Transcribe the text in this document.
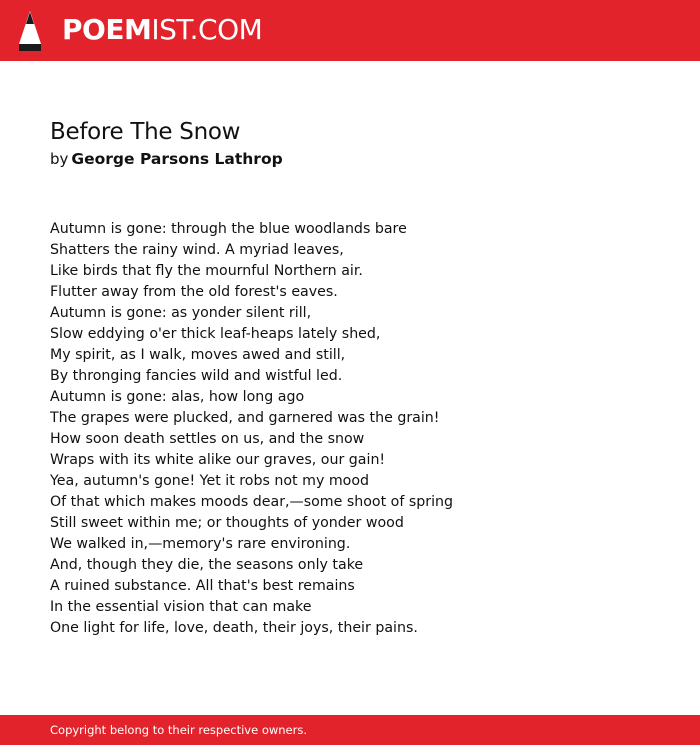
POEMIST.COM
Before The Snow
by George Parsons Lathrop
Autumn is gone: through the blue woodlands bare
Shatters the rainy wind. A myriad leaves,
Like birds that fly the mournful Northern air.
Flutter away from the old forest's eaves.
Autumn is gone: as yonder silent rill,
Slow eddying o'er thick leaf-heaps lately shed,
My spirit, as I walk, moves awed and still,
By thronging fancies wild and wistful led.
Autumn is gone: alas, how long ago
The grapes were plucked, and garnered was the grain!
How soon death settles on us, and the snow
Wraps with its white alike our graves, our gain!
Yea, autumn's gone! Yet it robs not my mood
Of that which makes moods dear,—some shoot of spring
Still sweet within me; or thoughts of yonder wood
We walked in,—memory's rare environing.
And, though they die, the seasons only take
A ruined substance. All that's best remains
In the essential vision that can make
One light for life, love, death, their joys, their pains.
Copyright belong to their respective owners.
